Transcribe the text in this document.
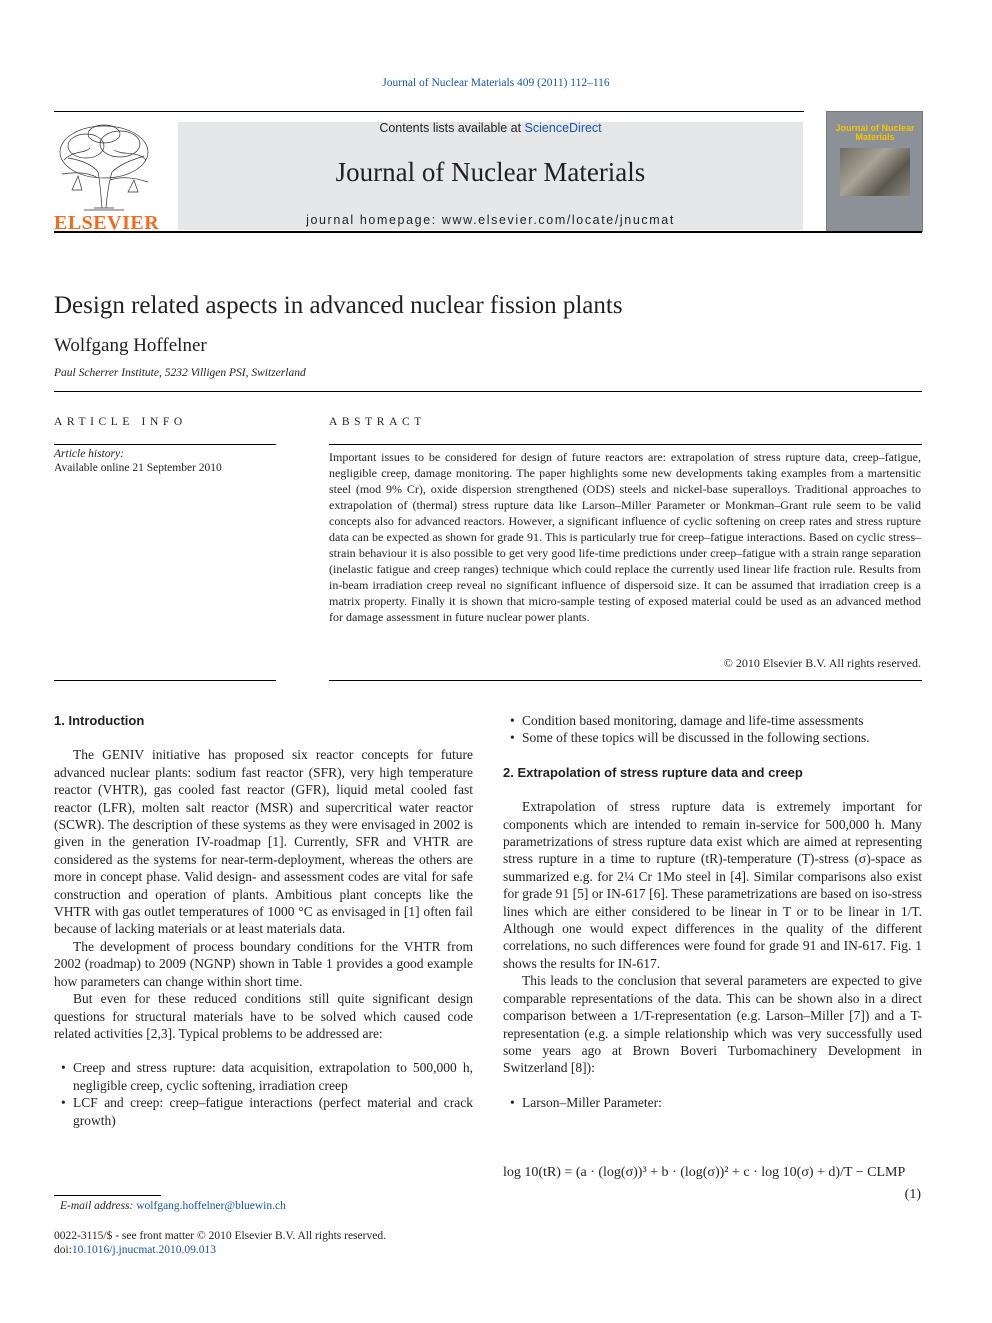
Journal of Nuclear Materials 409 (2011) 112–116
ELSEVIER
Contents lists available at ScienceDirect
Journal of Nuclear Materials
journal homepage: www.elsevier.com/locate/jnucmat
Journal of Nuclear Materials
Design related aspects in advanced nuclear fission plants
Wolfgang Hoffelner
Paul Scherrer Institute, 5232 Villigen PSI, Switzerland
ARTICLE INFO	ABSTRACT
Article history:
Available online 21 September 2010
Important issues to be considered for design of future reactors are: extrapolation of stress rupture data, creep–fatigue, negligible creep, damage monitoring. The paper highlights some new developments taking examples from a martensitic steel (mod 9% Cr), oxide dispersion strengthened (ODS) steels and nickel-base superalloys. Traditional approaches to extrapolation of (thermal) stress rupture data like Larson–Miller Parameter or Monkman–Grant rule seem to be valid concepts also for advanced reactors. However, a significant influence of cyclic softening on creep rates and stress rupture data can be expected as shown for grade 91. This is particularly true for creep–fatigue interactions. Based on cyclic stress–strain behaviour it is also possible to get very good life-time predictions under creep–fatigue with a strain range separation (inelastic fatigue and creep ranges) technique which could replace the currently used linear life fraction rule. Results from in-beam irradiation creep reveal no significant influence of dispersoid size. It can be assumed that irradiation creep is a matrix property. Finally it is shown that micro-sample testing of exposed material could be used as an advanced method for damage assessment in future nuclear power plants.
© 2010 Elsevier B.V. All rights reserved.
1. Introduction

The GENIV initiative has proposed six reactor concepts for future advanced nuclear plants: sodium fast reactor (SFR), very high temperature reactor (VHTR), gas cooled fast reactor (GFR), liquid metal cooled fast reactor (LFR), molten salt reactor (MSR) and supercritical water reactor (SCWR). The description of these systems as they were envisaged in 2002 is given in the generation IV-roadmap [1]. Currently, SFR and VHTR are considered as the systems for near-term-deployment, whereas the others are more in concept phase. Valid design- and assessment codes are vital for safe construction and operation of plants. Ambitious plant concepts like the VHTR with gas outlet temperatures of 1000 °C as envisaged in [1] often fail because of lacking materials or at least materials data.

The development of process boundary conditions for the VHTR from 2002 (roadmap) to 2009 (NGNP) shown in Table 1 provides a good example how parameters can change within short time.

But even for these reduced conditions still quite significant design questions for structural materials have to be solved which caused code related activities [2,3]. Typical problems to be addressed are:

• Creep and stress rupture: data acquisition, extrapolation to 500,000 h, negligible creep, cyclic softening, irradiation creep
• LCF and creep: creep–fatigue interactions (perfect material and crack growth)
• Condition based monitoring, damage and life-time assessments
• Some of these topics will be discussed in the following sections.
2. Extrapolation of stress rupture data and creep

Extrapolation of stress rupture data is extremely important for components which are intended to remain in-service for 500,000 h. Many parametrizations of stress rupture data exist which are aimed at representing stress rupture in a time to rupture (tR)-temperature (T)-stress (σ)-space as summarized e.g. for 2¼ Cr 1Mo steel in [4]. Similar comparisons also exist for grade 91 [5] or IN-617 [6]. These parametrizations are based on iso-stress lines which are either considered to be linear in T or to be linear in 1/T. Although one would expect differences in the quality of the different correlations, no such differences were found for grade 91 and IN-617. Fig. 1 shows the results for IN-617.

This leads to the conclusion that several parameters are expected to give comparable representations of the data. This can be shown also in a direct comparison between a 1/T-representation (e.g. Larson–Miller [7]) and a T-representation (e.g. a simple relationship which was very successfully used some years ago at Brown Boveri Turbomachinery Development in Switzerland [8]):

• Larson–Miller Parameter:
log 10(tR) = (a · (log(σ))³ + b · (log(σ))² + c · log 10(σ) + d)/T − CLMP
(1)
E-mail address: wolfgang.hoffelner@bluewin.ch
0022-3115/$ - see front matter © 2010 Elsevier B.V. All rights reserved.
doi:10.1016/j.jnucmat.2010.09.013
